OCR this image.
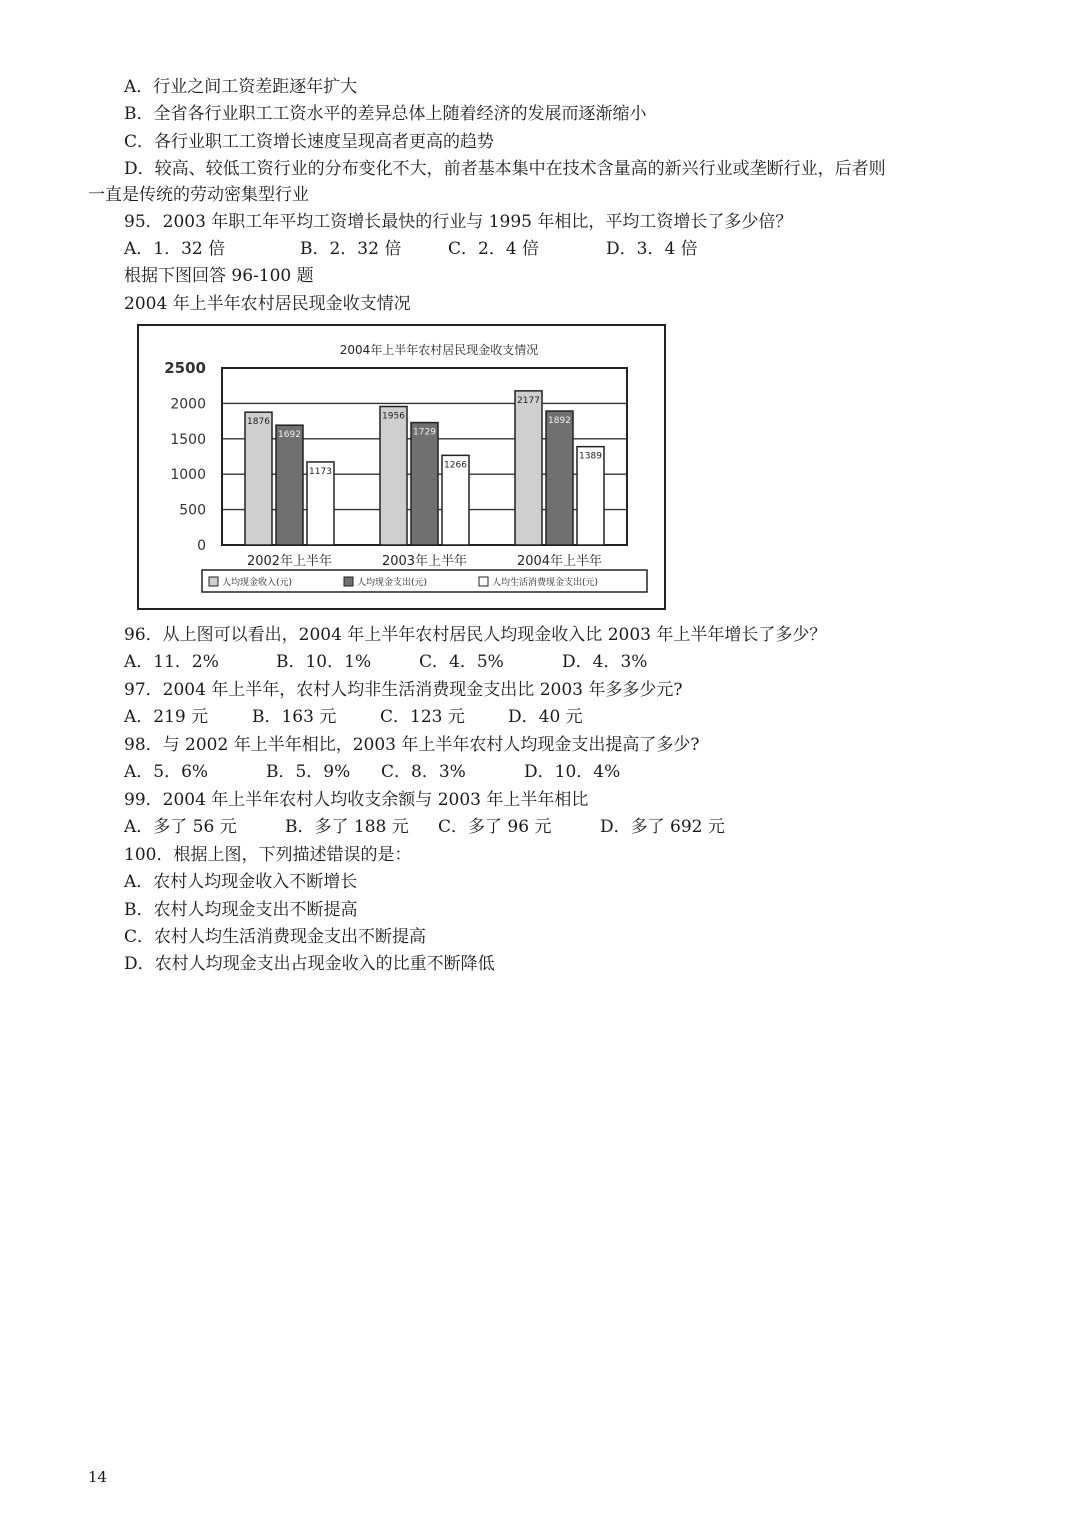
A．行业之间工资差距逐年扩大
B．全省各行业职工工资水平的差异总体上随着经济的发展而逐渐缩小
C．各行业职工工资增长速度呈现高者更高的趋势
D．较高、较低工资行业的分布变化不大，前者基本集中在技术含量高的新兴行业或垄断行业，后者则
一直是传统的劳动密集型行业
95．2003 年职工年平均工资增长最快的行业与 1995 年相比，平均工资增长了多少倍？
A．1．32 倍	B．2．32 倍	C．2．4 倍	D．3．4 倍
根据下图回答 96-100 题
2004 年上半年农村居民现金收支情况
2004年上半年农村居民现金收支情况
2500
2000
1500
1000
500
0
1876
1692
1173
2002年上半年
1956
1729
1266
2003年上半年
2177
1892
1389
2004年上半年
人均现金收入(元)	人均现金支出(元)	人均生活消费现金支出(元)
96．从上图可以看出，2004 年上半年农村居民人均现金收入比 2003 年上半年增长了多少？
A．11．2%	B．10．1%	C．4．5%	D．4．3%
97．2004 年上半年，农村人均非生活消费现金支出比 2003 年多多少元?
A．219 元	B．163 元	C．123 元	D．40 元
98．与 2002 年上半年相比，2003 年上半年农村人均现金支出提高了多少?
A．5．6%	B．5．9% C．8．3%	D．10．4%
99．2004 年上半年农村人均收支余额与 2003 年上半年相比
A．多了 56 元	B．多了 188 元 C．多了 96 元	D．多了 692 元
100．根据上图，下列描述错误的是：
A．农村人均现金收入不断增长
B．农村人均现金支出不断提高
C．农村人均生活消费现金支出不断提高
D．农村人均现金支出占现金收入的比重不断降低
14
